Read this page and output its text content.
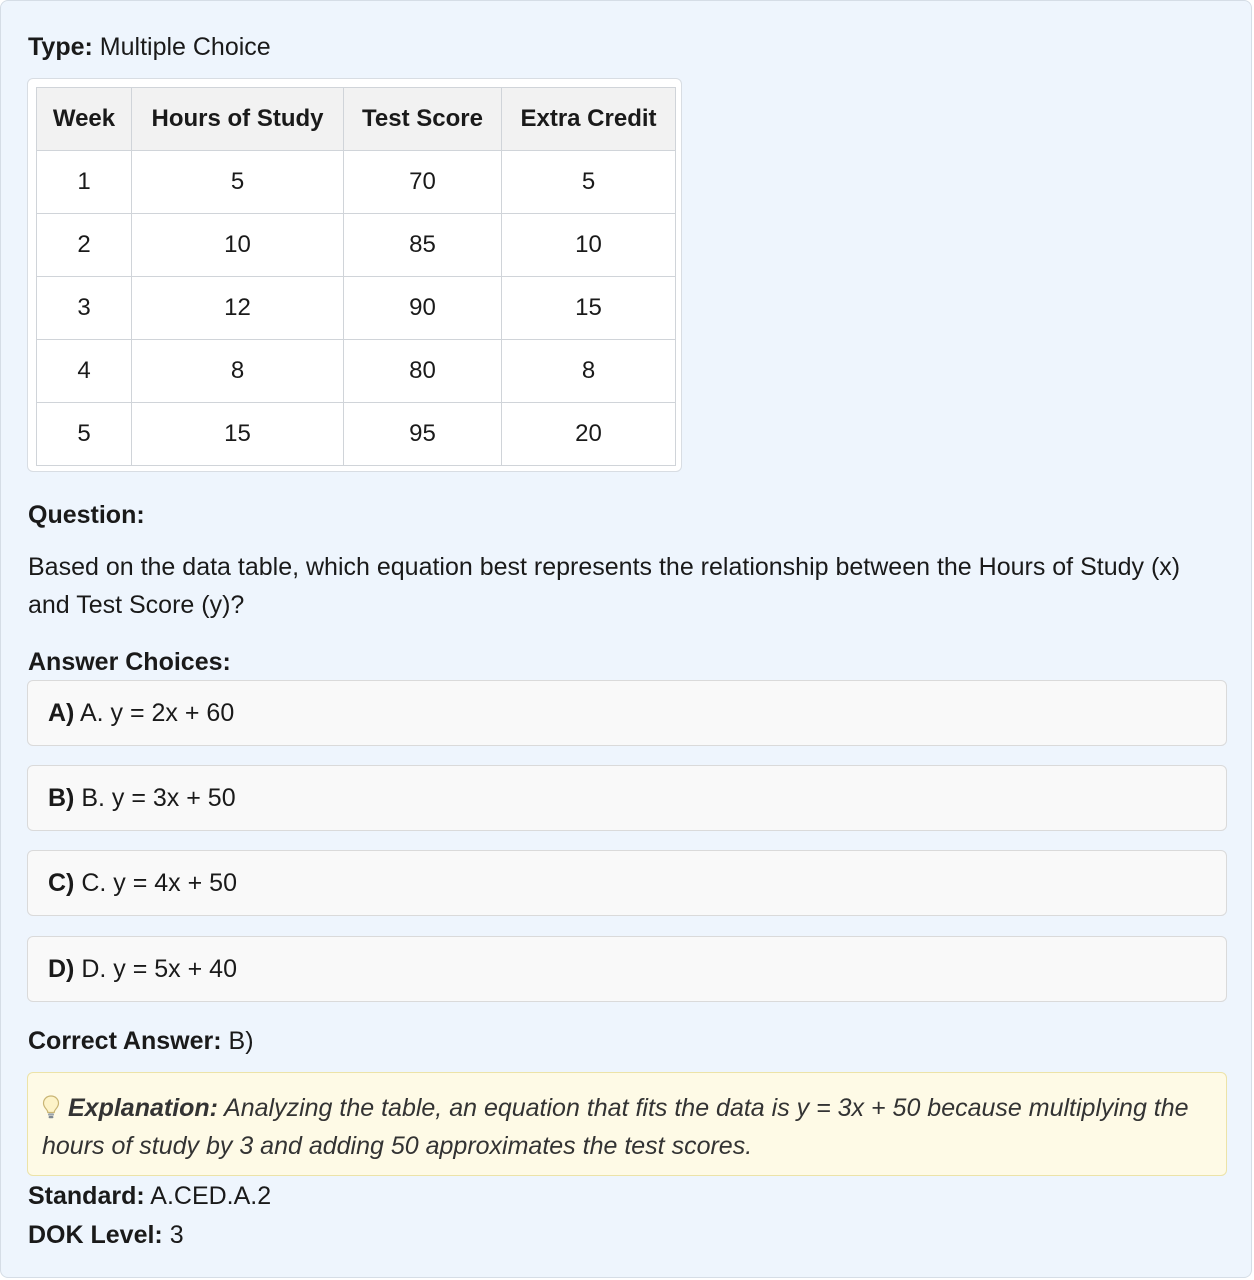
Type: Multiple Choice
Week	Hours of Study	Test Score	Extra Credit
1	5	70	5
2	10	85	10
3	12	90	15
4	8	80	8
5	15	95	20
Question:
Based on the data table, which equation best represents the relationship between the Hours of Study (x) and Test Score (y)?
Answer Choices:
A) A. y = 2x + 60
B) B. y = 3x + 50
C) C. y = 4x + 50
D) D. y = 5x + 40
Correct Answer: B)
Explanation: Analyzing the table, an equation that fits the data is y = 3x + 50 because multiplying the hours of study by 3 and adding 50 approximates the test scores.
Standard: A.CED.A.2
DOK Level: 3
